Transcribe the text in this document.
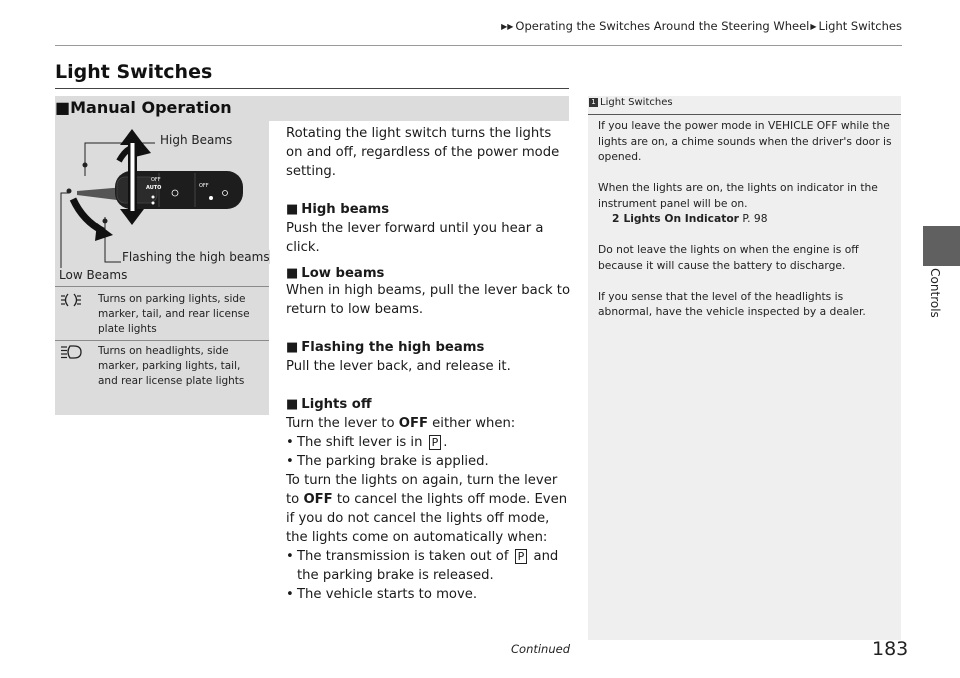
▶▶ Operating the Switches Around the Steering Wheel▶ Light Switches
Controls
Light Switches
■Manual Operation
OFF
AUTO	OFF
High Beams
Flashing the high beams
Low Beams
Turns on parking lights, side marker, tail, and rear license plate lights
Turns on headlights, side marker, parking lights, tail, and rear license plate lights

Rotating the light switch turns the lights on and off, regardless of the power mode setting.

■ High beams

Push the lever forward until you hear a click.

■ Low beams

When in high beams, pull the lever back to return to low beams.

■ Flashing the high beams

Pull the lever back, and release it.

■ Lights off

Turn the lever to OFF either when:

• The shift lever is in P .

• The parking brake is applied.

To turn the lights on again, turn the lever to OFF to cancel the lights off mode. Even if you do not cancel the lights off mode, the lights come on automatically when:

• The transmission is taken out of P and the parking brake is released.

• The vehicle starts to move.

1 Light Switches

If you leave the power mode in VEHICLE OFF while the lights are on, a chime sounds when the driver's door is opened.

When the lights are on, the lights on indicator in the instrument panel will be on.

2 Lights On Indicator P. 98

Do not leave the lights on when the engine is off because it will cause the battery to discharge.

If you sense that the level of the headlights is abnormal, have the vehicle inspected by a dealer.

Continued	183
